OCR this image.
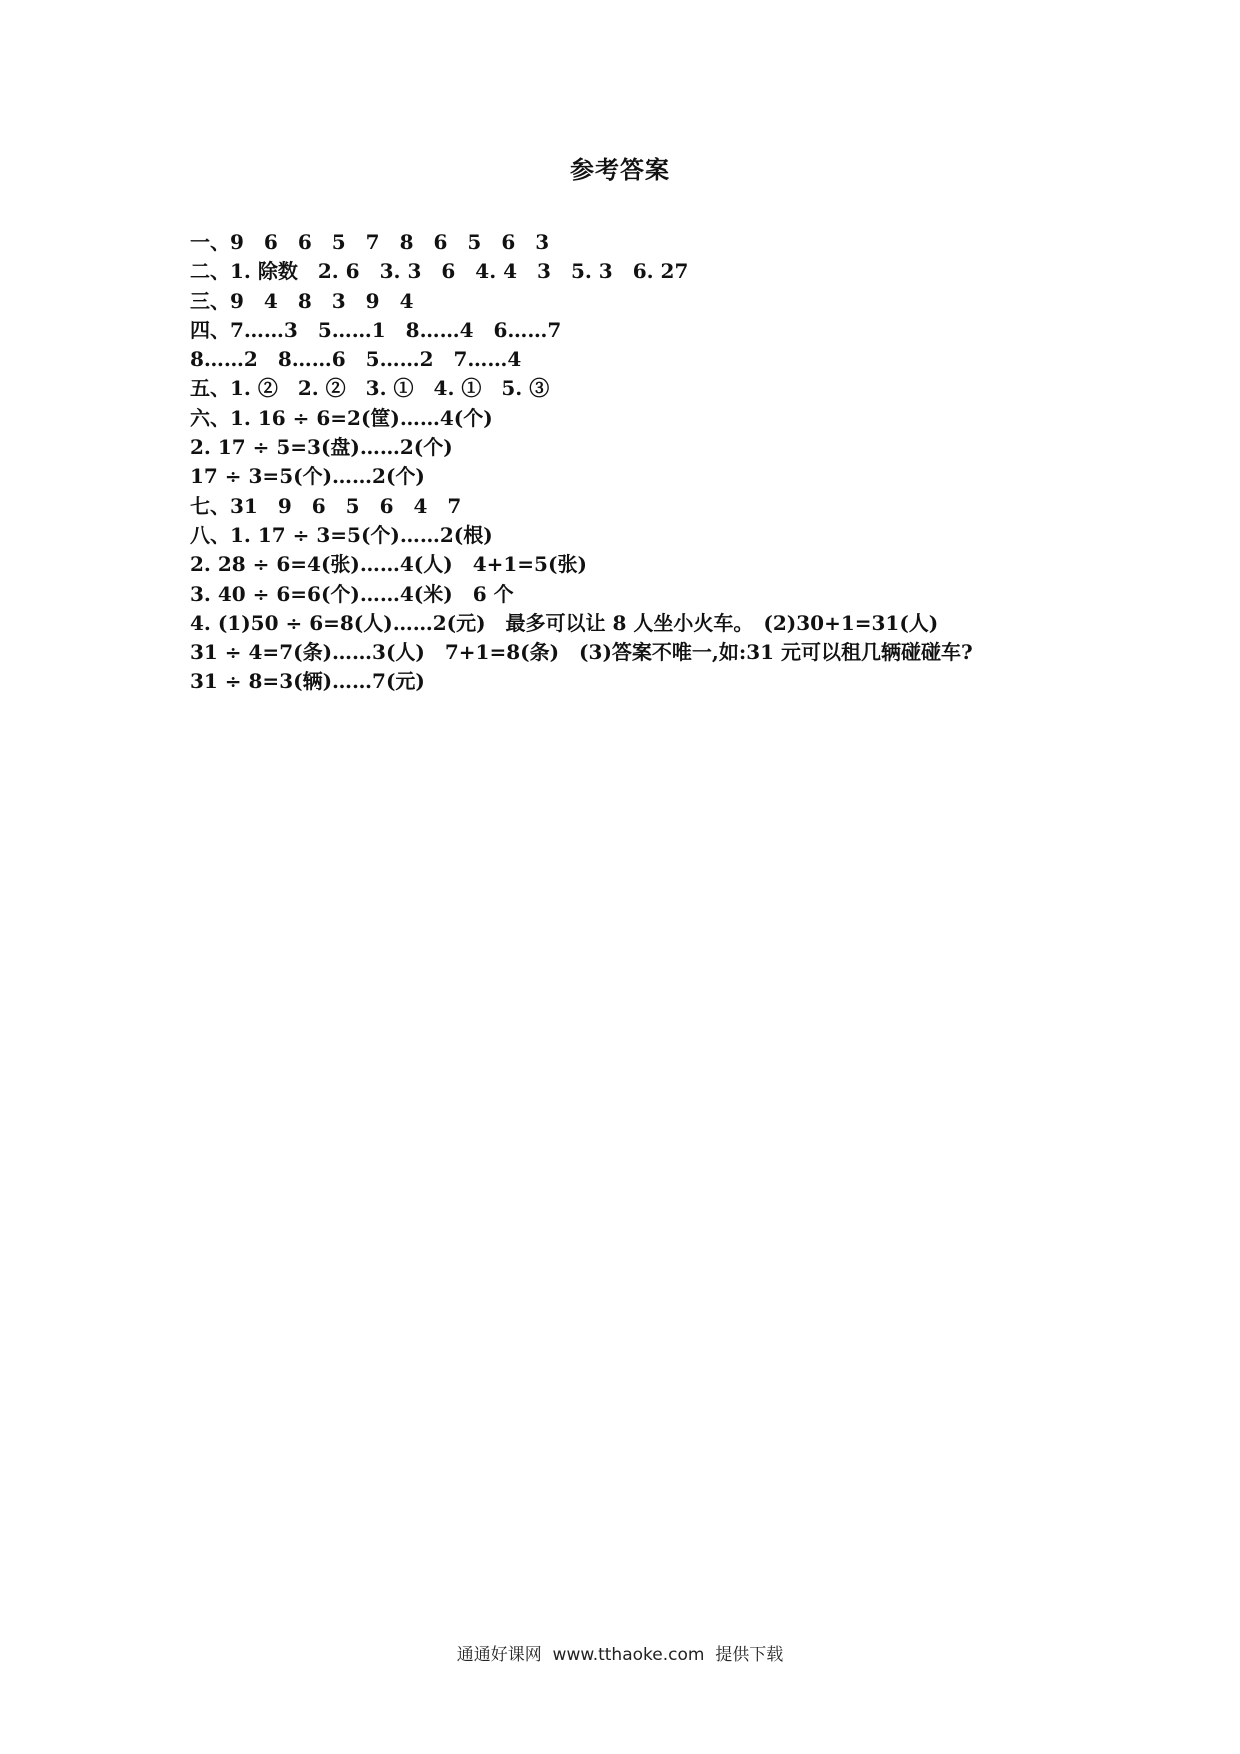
参考答案
一、9　6　6　5　7　8　6　5　6　3
二、1. 除数　2. 6　3. 3　6　4. 4　3　5. 3　6. 27
三、9　4　8　3　9　4
四、7……3　5……1　8……4　6……7
8……2　8……6　5……2　7……4
五、1. ②　2. ②　3. ①　4. ①　5. ③
六、1. 16 ÷ 6=2(筐)……4(个)
2. 17 ÷ 5=3(盘)……2(个)
17 ÷ 3=5(个)……2(个)
七、31　9　6　5　6　4　7
八、1. 17 ÷ 3=5(个)……2(根)
2. 28 ÷ 6=4(张)……4(人)　4+1=5(张)
3. 40 ÷ 6=6(个)……4(米)　6 个
4. (1)50 ÷ 6=8(人)……2(元)　最多可以让 8 人坐小火车。　(2)30+1=31(人)
31 ÷ 4=7(条)……3(人)　7+1=8(条)　(3)答案不唯一,如:31 元可以租几辆碰碰车?
31 ÷ 8=3(辆)……7(元)
通通好课网  www.tthaoke.com  提供下载
